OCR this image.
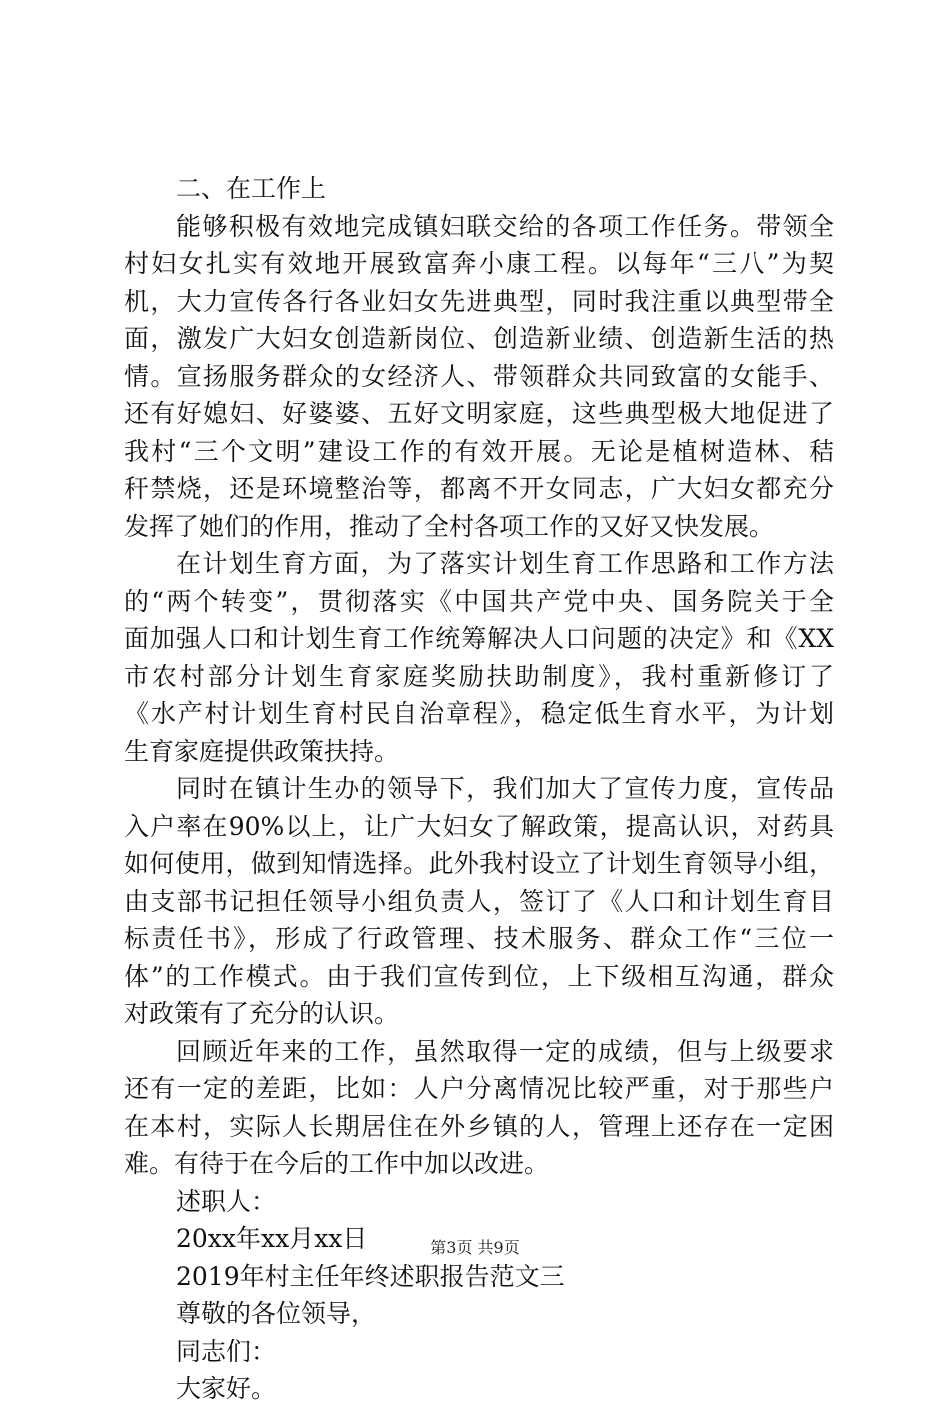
二、在工作上
能够积极有效地完成镇妇联交给的各项工作任务。带领全
村妇女扎实有效地开展致富奔小康工程。以每年“三八”为契
机，大力宣传各行各业妇女先进典型，同时我注重以典型带全
面，激发广大妇女创造新岗位、创造新业绩、创造新生活的热
情。宣扬服务群众的女经济人、带领群众共同致富的女能手、
还有好媳妇、好婆婆、五好文明家庭，这些典型极大地促进了
我村“三个文明”建设工作的有效开展。无论是植树造林、秸
秆禁烧，还是环境整治等，都离不开女同志，广大妇女都充分
发挥了她们的作用，推动了全村各项工作的又好又快发展。
在计划生育方面，为了落实计划生育工作思路和工作方法
的“两个转变”，贯彻落实《中国共产党中央、国务院关于全
面加强人口和计划生育工作统筹解决人口问题的决定》和《XX
市农村部分计划生育家庭奖励扶助制度》，我村重新修订了
《水产村计划生育村民自治章程》，稳定低生育水平，为计划
生育家庭提供政策扶持。
同时在镇计生办的领导下，我们加大了宣传力度，宣传品
入户率在90%以上，让广大妇女了解政策，提高认识，对药具
如何使用，做到知情选择。此外我村设立了计划生育领导小组，
由支部书记担任领导小组负责人，签订了《人口和计划生育目
标责任书》，形成了行政管理、技术服务、群众工作“三位一
体”的工作模式。由于我们宣传到位，上下级相互沟通，群众
对政策有了充分的认识。
回顾近年来的工作，虽然取得一定的成绩，但与上级要求
还有一定的差距，比如：人户分离情况比较严重，对于那些户
在本村，实际人长期居住在外乡镇的人，管理上还存在一定困
难。有待于在今后的工作中加以改进。
述职人：
20xx年xx月xx日
2019年村主任年终述职报告范文三
尊敬的各位领导，
同志们：
大家好。
第3页 共9页
